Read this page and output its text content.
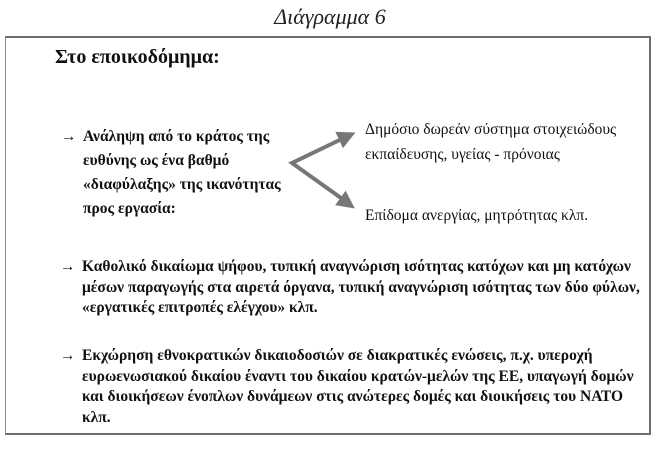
Διάγραμμα 6
Στο εποικοδόμημα:
→ Ανάληψη από το κράτος της ευθύνης ως ένα βαθμό «διαφύλαξης» της ικανότητας προς εργασία:
Δημόσιο δωρεάν σύστημα στοιχειώδους εκπαίδευσης, υγείας - πρόνοιας
Επίδομα ανεργίας, μητρότητας κλπ.
→ Καθολικό δικαίωμα ψήφου, τυπική αναγνώριση ισότητας κατόχων και μη κατόχων μέσων παραγωγής στα αιρετά όργανα, τυπική αναγνώριση ισότητας των δύο φύλων, «εργατικές επιτροπές ελέγχου» κλπ.
→ Εκχώρηση εθνοκρατικών δικαιοδοσιών σε διακρατικές ενώσεις, π.χ. υπεροχή ευρωενωσιακού δικαίου έναντι του δικαίου κρατών-μελών της ΕΕ, υπαγωγή δομών και διοικήσεων ένοπλων δυνάμεων στις ανώτερες δομές και διοικήσεις του ΝΑΤΟ κλπ.
